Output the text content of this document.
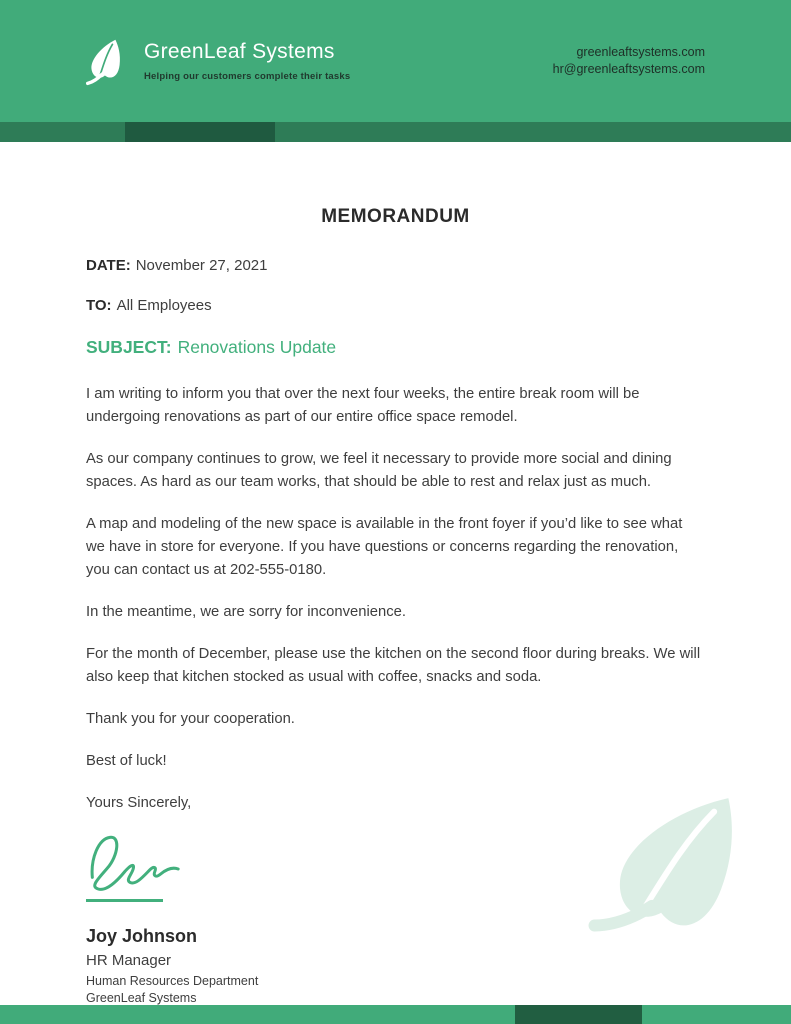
GreenLeaf Systems
Helping our customers complete their tasks
greenleaftsystems.com
hr@greenleaftsystems.com
MEMORANDUM
DATE: November 27, 2021
TO: All Employees
SUBJECT: Renovations Update

I am writing to inform you that over the next four weeks, the entire break room will be undergoing renovations as part of our entire office space remodel.

As our company continues to grow, we feel it necessary to provide more social and dining spaces. As hard as our team works, that should be able to rest and relax just as much.

A map and modeling of the new space is available in the front foyer if you’d like to see what we have in store for everyone. If you have questions or concerns regarding the renovation, you can contact us at 202-555-0180.

In the meantime, we are sorry for inconvenience.

For the month of December, please use the kitchen on the second floor during breaks. We will also keep that kitchen stocked as usual with coffee, snacks and soda.

Thank you for your cooperation.

Best of luck!

Yours Sincerely,

Joy Johnson
HR Manager
Human Resources Department
GreenLeaf Systems
